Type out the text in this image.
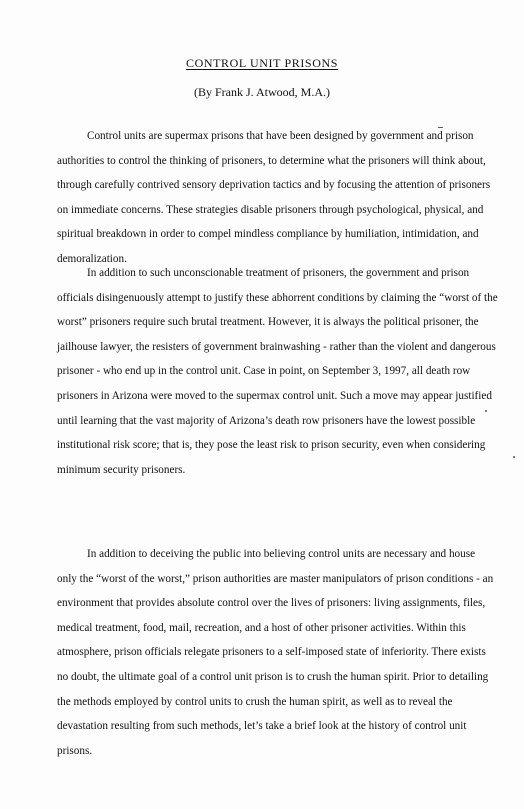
CONTROL UNIT PRISONS
(By Frank J. Atwood, M.A.)

Control units are supermax prisons that have been designed by government and prison
authorities to control the thinking of prisoners, to determine what the prisoners will think about,
through carefully contrived sensory deprivation tactics and by focusing the attention of prisoners
on immediate concerns. These strategies disable prisoners through psychological, physical, and
spiritual breakdown in order to compel mindless compliance by humiliation, intimidation, and
demoralization.

In addition to such unconscionable treatment of prisoners, the government and prison
officials disingenuously attempt to justify these abhorrent conditions by claiming the “worst of the
worst” prisoners require such brutal treatment. However, it is always the political prisoner, the
jailhouse lawyer, the resisters of government brainwashing - rather than the violent and dangerous
prisoner - who end up in the control unit. Case in point, on September 3, 1997, all death row
prisoners in Arizona were moved to the supermax control unit. Such a move may appear justified
until learning that the vast majority of Arizona’s death row prisoners have the lowest possible
institutional risk score; that is, they pose the least risk to prison security, even when considering
minimum security prisoners.

In addition to deceiving the public into believing control units are necessary and house
only the “worst of the worst,” prison authorities are master manipulators of prison conditions - an
environment that provides absolute control over the lives of prisoners: living assignments, files,
medical treatment, food, mail, recreation, and a host of other prisoner activities. Within this
atmosphere, prison officials relegate prisoners to a self-imposed state of inferiority. There exists
no doubt, the ultimate goal of a control unit prison is to crush the human spirit. Prior to detailing
the methods employed by control units to crush the human spirit, as well as to reveal the
devastation resulting from such methods, let’s take a brief look at the history of control unit
prisons.
